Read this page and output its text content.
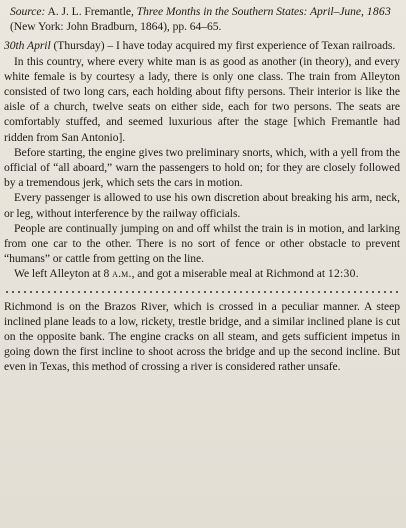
Source: A. J. L. Fremantle, Three Months in the Southern States: April–June, 1863 (New York: John Bradburn, 1864), pp. 64–65.

30th April (Thursday) – I have today acquired my first experience of Texan railroads.

In this country, where every white man is as good as another (in theory), and every white female is by courtesy a lady, there is only one class. The train from Alleyton consisted of two long cars, each holding about fifty persons. Their interior is like the aisle of a church, twelve seats on either side, each for two persons. The seats are comfortably stuffed, and seemed luxurious after the stage [which Fremantle had ridden from San Antonio].

Before starting, the engine gives two preliminary snorts, which, with a yell from the official of “all aboard,” warn the passengers to hold on; for they are closely followed by a tremendous jerk, which sets the cars in motion.

Every passenger is allowed to use his own discretion about breaking his arm, neck, or leg, without interference by the railway officials.

People are continually jumping on and off whilst the train is in motion, and larking from one car to the other. There is no sort of fence or other obstacle to prevent “humans” or cattle from getting on the line.

We left Alleyton at 8 a.m., and got a miserable meal at Richmond at 12:30.

Richmond is on the Brazos River, which is crossed in a peculiar manner. A steep inclined plane leads to a low, rickety, trestle bridge, and a similar inclined plane is cut on the opposite bank. The engine cracks on all steam, and gets sufficient impetus in going down the first incline to shoot across the bridge and up the second incline. But even in Texas, this method of crossing a river is considered rather unsafe.
